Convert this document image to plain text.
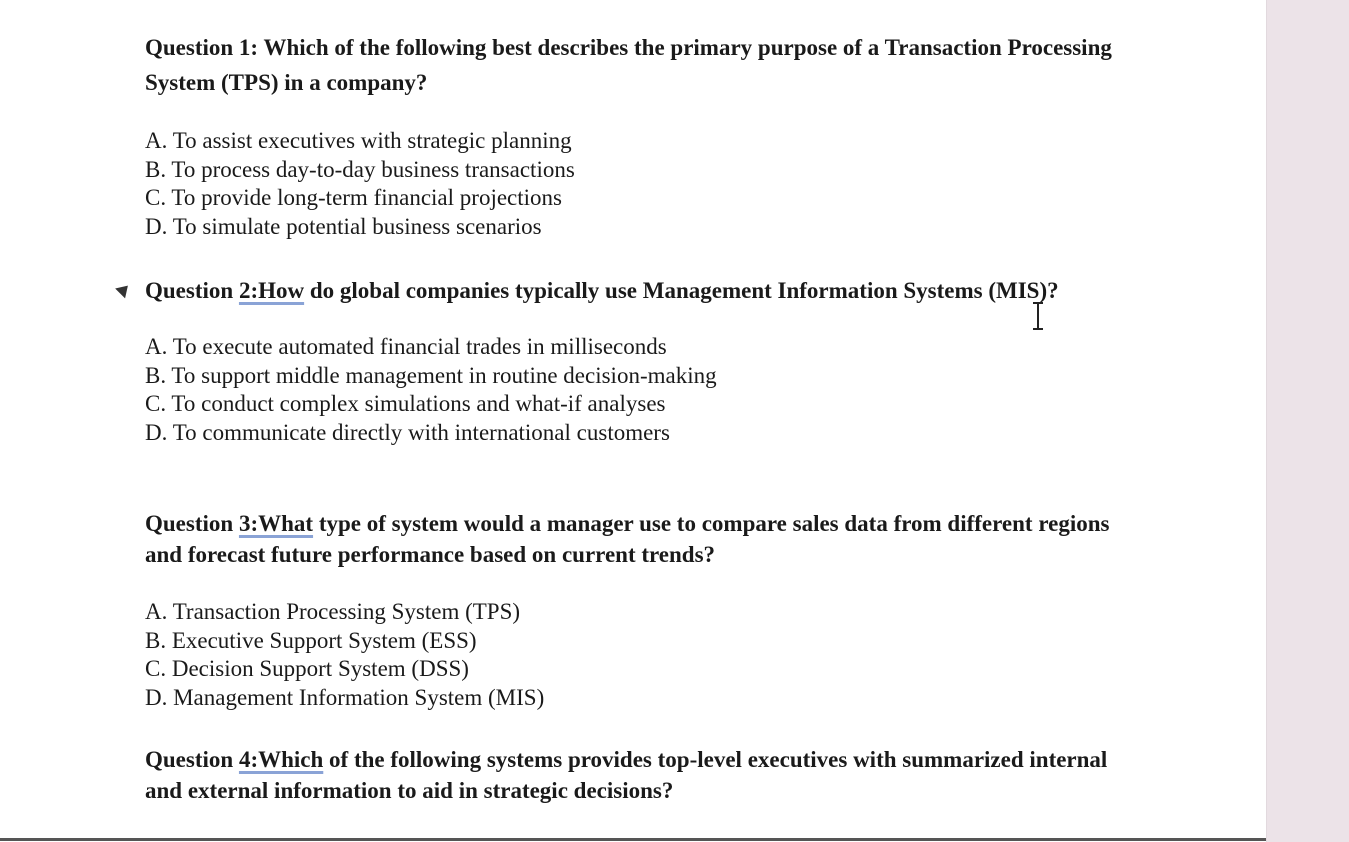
Question 1: Which of the following best describes the primary purpose of a Transaction Processing System (TPS) in a company?

A. To assist executives with strategic planning
B. To process day-to-day business transactions
C. To provide long-term financial projections
D. To simulate potential business scenarios

Question 2:How do global companies typically use Management Information Systems (MIS)?

A. To execute automated financial trades in milliseconds
B. To support middle management in routine decision-making
C. To conduct complex simulations and what-if analyses
D. To communicate directly with international customers

Question 3:What type of system would a manager use to compare sales data from different regions and forecast future performance based on current trends?

A. Transaction Processing System (TPS)
B. Executive Support System (ESS)
C. Decision Support System (DSS)
D. Management Information System (MIS)

Question 4:Which of the following systems provides top-level executives with summarized internal and external information to aid in strategic decisions?
